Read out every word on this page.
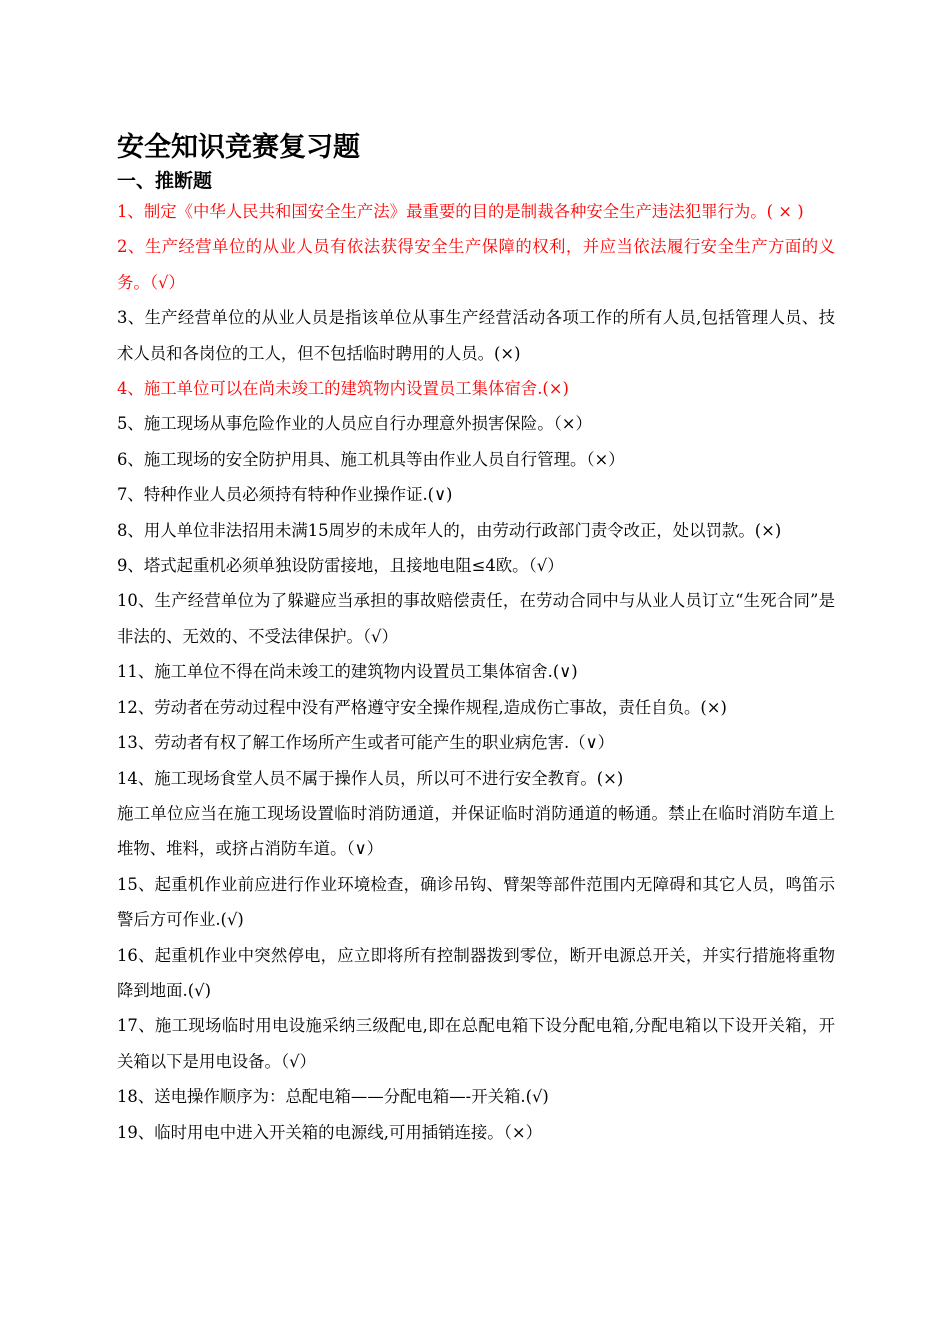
安全知识竞赛复习题
一、推断题

1、制定《中华人民共和国安全生产法》最重要的目的是制裁各种安全生产违法犯罪行为。( × )

2、生产经营单位的从业人员有依法获得安全生产保障的权利，并应当依法履行安全生产方面的义务。（√）

3、生产经营单位的从业人员是指该单位从事生产经营活动各项工作的所有人员,包括管理人员、技术人员和各岗位的工人，但不包括临时聘用的人员。(×)

4、施工单位可以在尚未竣工的建筑物内设置员工集体宿舍.(×)

5、施工现场从事危险作业的人员应自行办理意外损害保险。（×）

6、施工现场的安全防护用具、施工机具等由作业人员自行管理。（×）

7、特种作业人员必须持有特种作业操作证.(∨)

8、用人单位非法招用未满15周岁的未成年人的，由劳动行政部门责令改正，处以罚款。(×)

9、塔式起重机必须单独设防雷接地，且接地电阻≤4欧。（√）

10、生产经营单位为了躲避应当承担的事故赔偿责任，在劳动合同中与从业人员订立“生死合同”是非法的、无效的、不受法律保护。（√）

11、施工单位不得在尚未竣工的建筑物内设置员工集体宿舍.(∨)

12、劳动者在劳动过程中没有严格遵守安全操作规程,造成伤亡事故，责任自负。(×)

13、劳动者有权了解工作场所产生或者可能产生的职业病危害.（∨）

14、施工现场食堂人员不属于操作人员，所以可不进行安全教育。(×)

施工单位应当在施工现场设置临时消防通道，并保证临时消防通道的畅通。禁止在临时消防车道上堆物、堆料，或挤占消防车道。（∨）

15、起重机作业前应进行作业环境检查，确诊吊钩、臂架等部件范围内无障碍和其它人员，鸣笛示警后方可作业.(√)

16、起重机作业中突然停电，应立即将所有控制器拨到零位，断开电源总开关，并实行措施将重物降到地面.(√)

17、施工现场临时用电设施采纳三级配电,即在总配电箱下设分配电箱,分配电箱以下设开关箱，开关箱以下是用电设备。（√）

18、送电操作顺序为：总配电箱——分配电箱—-开关箱.(√)

19、临时用电中进入开关箱的电源线,可用插销连接。（×）
